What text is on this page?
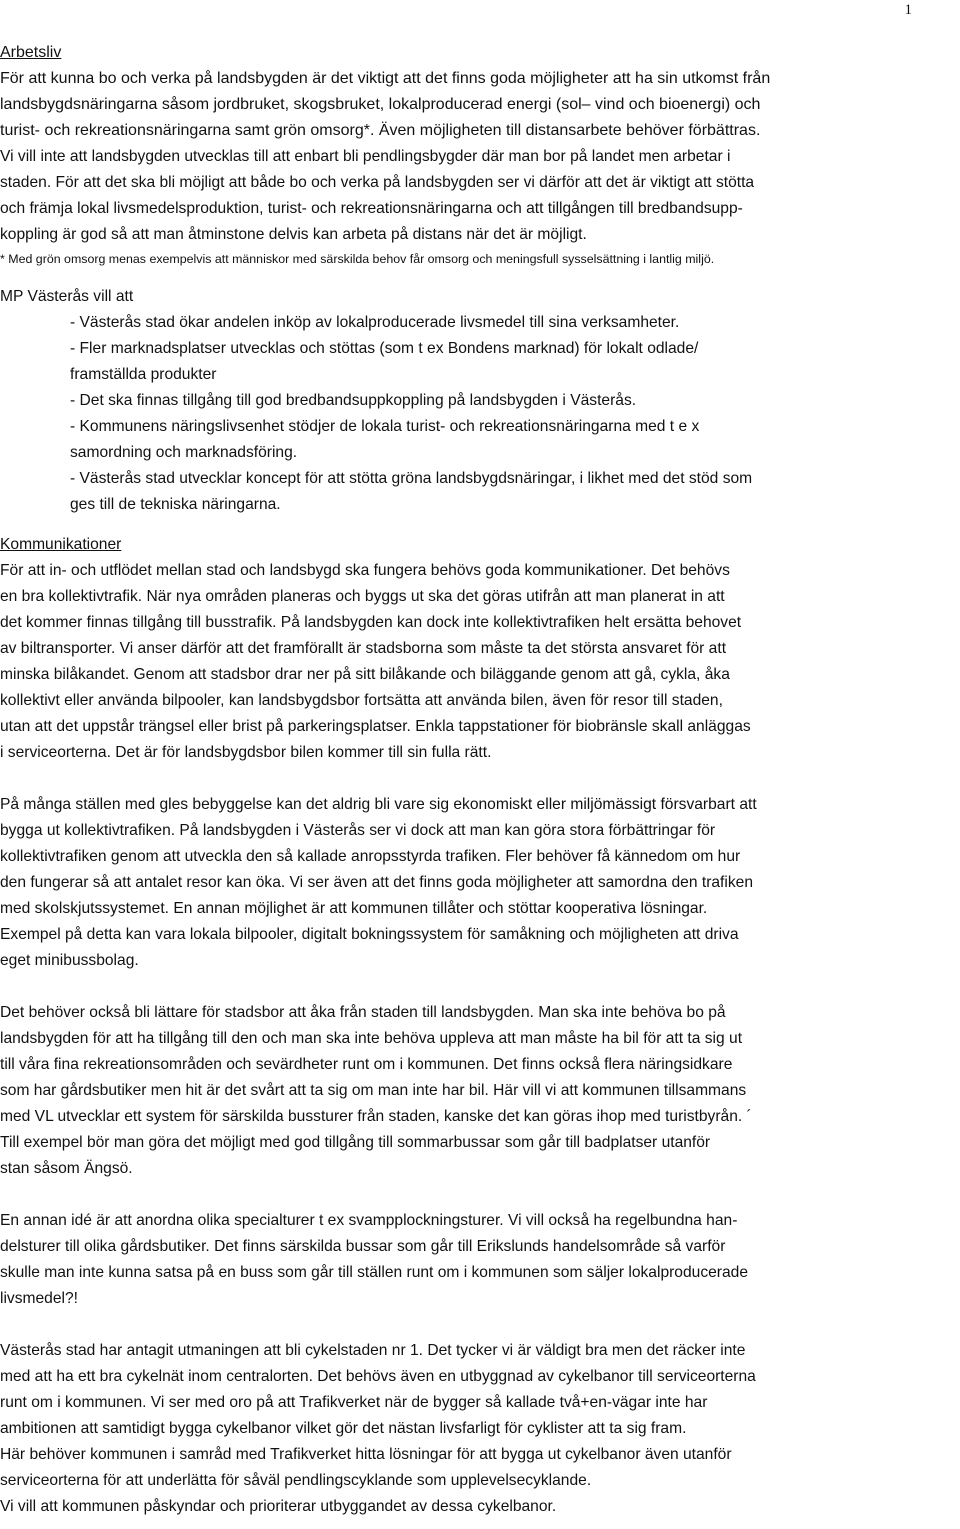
1

Arbetsliv

För att kunna bo och verka på landsbygden är det viktigt att det finns goda möjligheter att ha sin utkomst från

landsbygdsnäringarna såsom jordbruket, skogsbruket, lokalproducerad energi (sol– vind och bioenergi) och

turist- och rekreationsnäringarna samt grön omsorg*. Även möjligheten till distansarbete behöver förbättras.

Vi vill inte att landsbygden utvecklas till att enbart bli pendlingsbygder där man bor på landet men arbetar i

staden. För att det ska bli möjligt att både bo och verka på landsbygden ser vi därför att det är viktigt att stötta

och främja lokal livsmedelsproduktion, turist- och rekreationsnäringarna och att tillgången till bredbandsupp-

koppling är god så att man åtminstone delvis kan arbeta på distans när det är möjligt.

* Med grön omsorg menas exempelvis att människor med särskilda behov får omsorg och meningsfull sysselsättning i lantlig miljö.

MP Västerås vill att

- Västerås stad ökar andelen inköp av lokalproducerade livsmedel till sina verksamheter.
- Fler marknadsplatser utvecklas och stöttas (som t ex Bondens marknad) för lokalt odlade/
framställda produkter
- Det ska finnas tillgång till god bredbandsuppkoppling på landsbygden i Västerås.
- Kommunens näringslivsenhet stödjer de lokala turist- och rekreationsnäringarna med t e x
samordning och marknadsföring.
- Västerås stad utvecklar koncept för att stötta gröna landsbygdsnäringar, i likhet med det stöd som
ges till de tekniska näringarna.

Kommunikationer

För att in- och utflödet mellan stad och landsbygd ska fungera behövs goda kommunikationer. Det behövs

en bra kollektivtrafik. När nya områden planeras och byggs ut ska det göras utifrån att man planerat in att

det kommer finnas tillgång till busstrafik. På landsbygden kan dock inte kollektivtrafiken helt ersätta behovet

av biltransporter. Vi anser därför att det framförallt är stadsborna som måste ta det största ansvaret för att

minska bilåkandet. Genom att stadsbor drar ner på sitt bilåkande och biläggande genom att gå, cykla, åka

kollektivt eller använda bilpooler, kan landsbygdsbor fortsätta att använda bilen, även för resor till staden,

utan att det uppstår trängsel eller brist på parkeringsplatser. Enkla tappstationer för biobränsle skall anläggas

i serviceorterna. Det är för landsbygdsbor bilen kommer till sin fulla rätt.

På många ställen med gles bebyggelse kan det aldrig bli vare sig ekonomiskt eller miljömässigt försvarbart att

bygga ut kollektivtrafiken. På landsbygden i Västerås ser vi dock att man kan göra stora förbättringar för

kollektivtrafiken genom att utveckla den så kallade anropsstyrda trafiken. Fler behöver få kännedom om hur

den fungerar så att antalet resor kan öka. Vi ser även att det finns goda möjligheter att samordna den trafiken

med skolskjutssystemet. En annan möjlighet är att kommunen tillåter och stöttar kooperativa lösningar.

Exempel på detta kan vara lokala bilpooler, digitalt bokningssystem för samåkning och möjligheten att driva

eget minibussbolag.

Det behöver också bli lättare för stadsbor att åka från staden till landsbygden. Man ska inte behöva bo på

landsbygden för att ha tillgång till den och man ska inte behöva uppleva att man måste ha bil för att ta sig ut

till våra fina rekreationsområden och sevärdheter runt om i kommunen. Det finns också flera näringsidkare

som har gårdsbutiker men hit är det svårt att ta sig om man inte har bil. Här vill vi att kommunen tillsammans

med VL utvecklar ett system för särskilda bussturer från staden, kanske det kan göras ihop med turistbyrån. ´

Till exempel bör man göra det möjligt med god tillgång till sommarbussar som går till badplatser utanför

stan såsom Ängsö.

En annan idé är att anordna olika specialturer t ex svampplockningsturer. Vi vill också ha regelbundna han-

delsturer till olika gårdsbutiker. Det finns särskilda bussar som går till Erikslunds handelsområde så varför

skulle man inte kunna satsa på en buss som går till ställen runt om i kommunen som säljer lokalproducerade

livsmedel?!

Västerås stad har antagit utmaningen att bli cykelstaden nr 1. Det tycker vi är väldigt bra men det räcker inte

med att ha ett bra cykelnät inom centralorten. Det behövs även en utbyggnad av cykelbanor till serviceorterna

runt om i kommunen. Vi ser med oro på att Trafikverket när de bygger så kallade två+en-vägar inte har

ambitionen att samtidigt bygga cykelbanor vilket gör det nästan livsfarligt för cyklister att ta sig fram.

Här behöver kommunen i samråd med Trafikverket hitta lösningar för att bygga ut cykelbanor även utanför

serviceorterna för att underlätta för såväl pendlingscyklande som upplevelsecyklande.

Vi vill att kommunen påskyndar och prioriterar utbyggandet av dessa cykelbanor.
